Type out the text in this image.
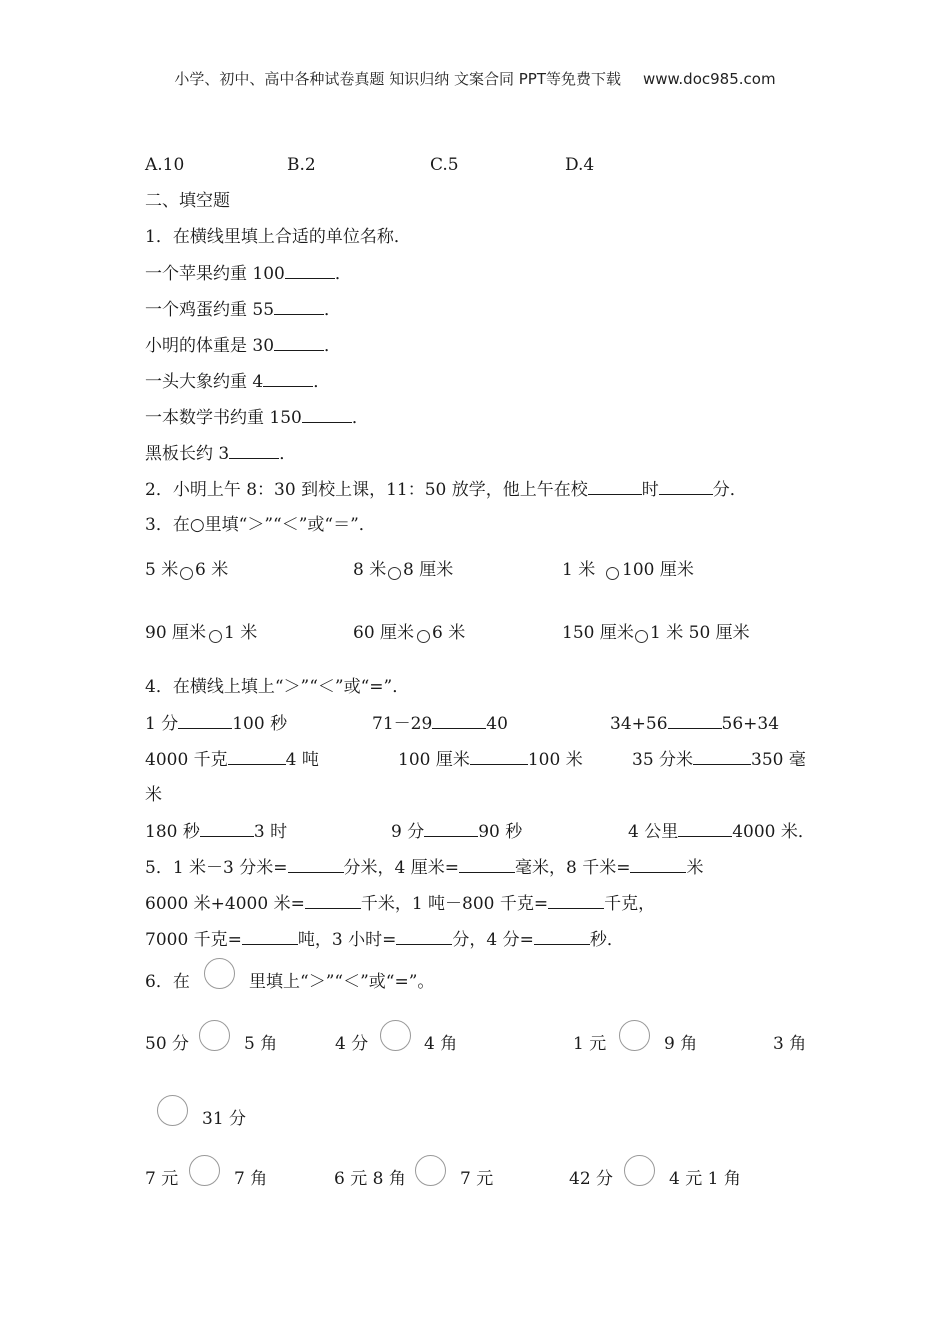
小学、初中、高中各种试卷真题 知识归纳 文案合同 PPT等免费下载 www.doc985.com
A.10	B.2	C.5	D.4
二、填空题
1．在横线里填上合适的单位名称．
一个苹果约重 100	．
一个鸡蛋约重 55	．
小明的体重是 30	．
一头大象约重 4	．
一本数学书约重 150	．
黑板长约 3	．
2．小明上午 8：30 到校上课，11：50 放学，他上午在校	时	分．
3．在○里填“＞”“＜”或“＝”．
5 米 6 米	8 米 8 厘米	1 米 100 厘米
90 厘米 1 米	60 厘米 6 米	150 厘米 1 米 50 厘米
4．在横线上填上“＞”“＜”或“=”．
1 分	100 秒	71－29	40	34+56	56+34
4000 千克	4 吨	100 厘米	100 米	35 分米	350 毫
米
180 秒	3 时	9 分	90 秒	4 公里	4000 米．
5．1 米－3 分米=	分米，4 厘米=	毫米，8 千米=	米
6000 米+4000 米=	千米，1 吨－800 千克=	千克，
7000 千克=	吨，3 小时=	分，4 分=	秒．
6．在	里填上“＞”“＜”或“=”。
50 分	5 角	4 分	4 角	1 元	9 角	3 角
31 分
7 元	7 角	6 元 8 角	7 元	42 分	4 元 1 角
